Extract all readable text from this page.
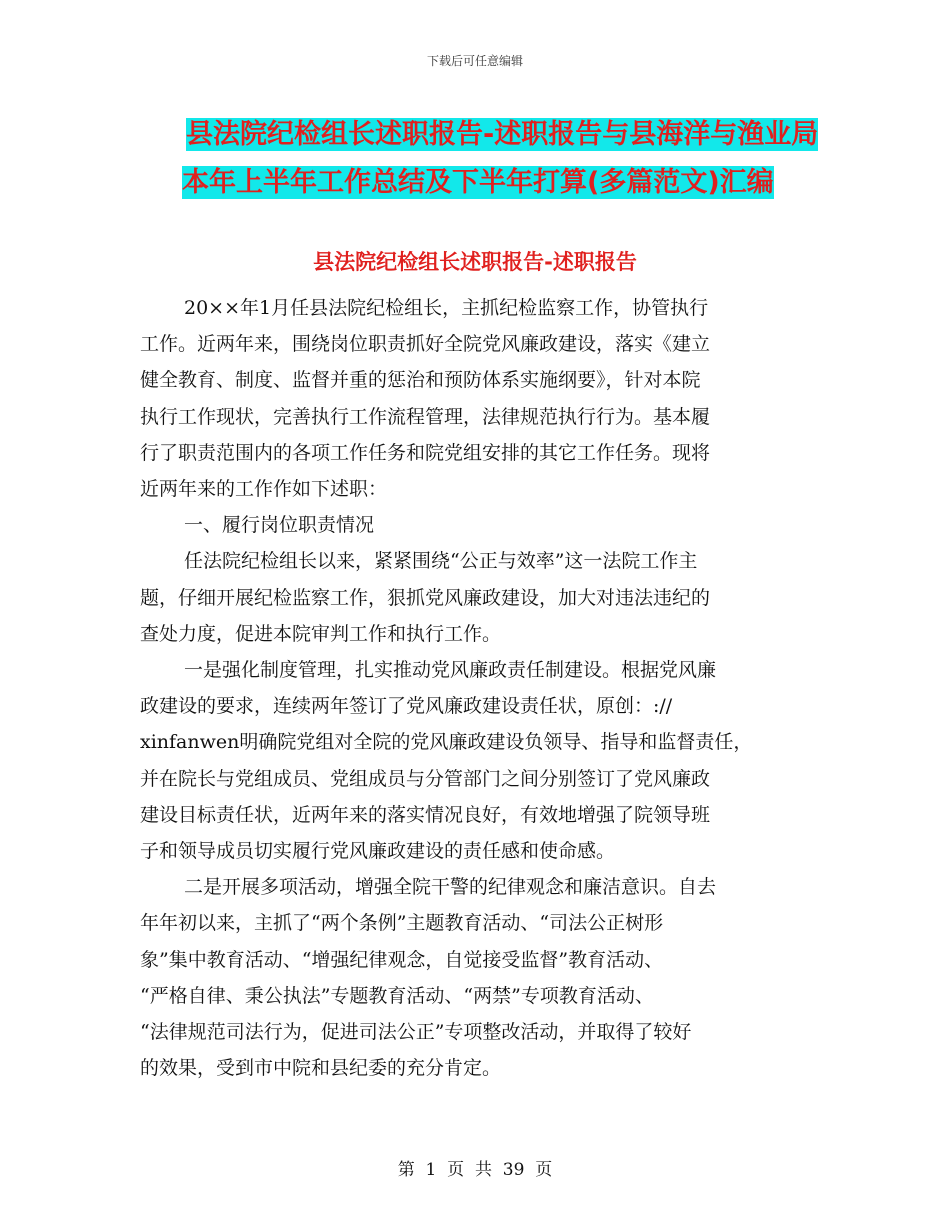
下载后可任意编辑
县法院纪检组长述职报告-述职报告与县海洋与渔业局
本年上半年工作总结及下半年打算(多篇范文)汇编
县法院纪检组长述职报告-述职报告

20××年1月任县法院纪检组长，主抓纪检监察工作，协管执行
工作。近两年来，围绕岗位职责抓好全院党风廉政建设，落实《建立
健全教育、制度、监督并重的惩治和预防体系实施纲要》，针对本院
执行工作现状，完善执行工作流程管理，法律规范执行行为。基本履
行了职责范围内的各项工作任务和院党组安排的其它工作任务。现将
近两年来的工作作如下述职：

一、履行岗位职责情况

任法院纪检组长以来，紧紧围绕“公正与效率”这一法院工作主
题，仔细开展纪检监察工作，狠抓党风廉政建设，加大对违法违纪的
查处力度，促进本院审判工作和执行工作。

一是强化制度管理，扎实推动党风廉政责任制建设。根据党风廉
政建设的要求，连续两年签订了党风廉政建设责任状，原创：://
xinfanwen明确院党组对全院的党风廉政建设负领导、指导和监督责任，
并在院长与党组成员、党组成员与分管部门之间分别签订了党风廉政
建设目标责任状，近两年来的落实情况良好，有效地增强了院领导班
子和领导成员切实履行党风廉政建设的责任感和使命感。

二是开展多项活动，增强全院干警的纪律观念和廉洁意识。自去
年年初以来，主抓了“两个条例”主题教育活动、“司法公正树形
象”集中教育活动、“增强纪律观念，自觉接受监督”教育活动、
“严格自律、秉公执法”专题教育活动、“两禁”专项教育活动、
“法律规范司法行为，促进司法公正”专项整改活动，并取得了较好
的效果，受到市中院和县纪委的充分肯定。

第  1  页  共  39  页
